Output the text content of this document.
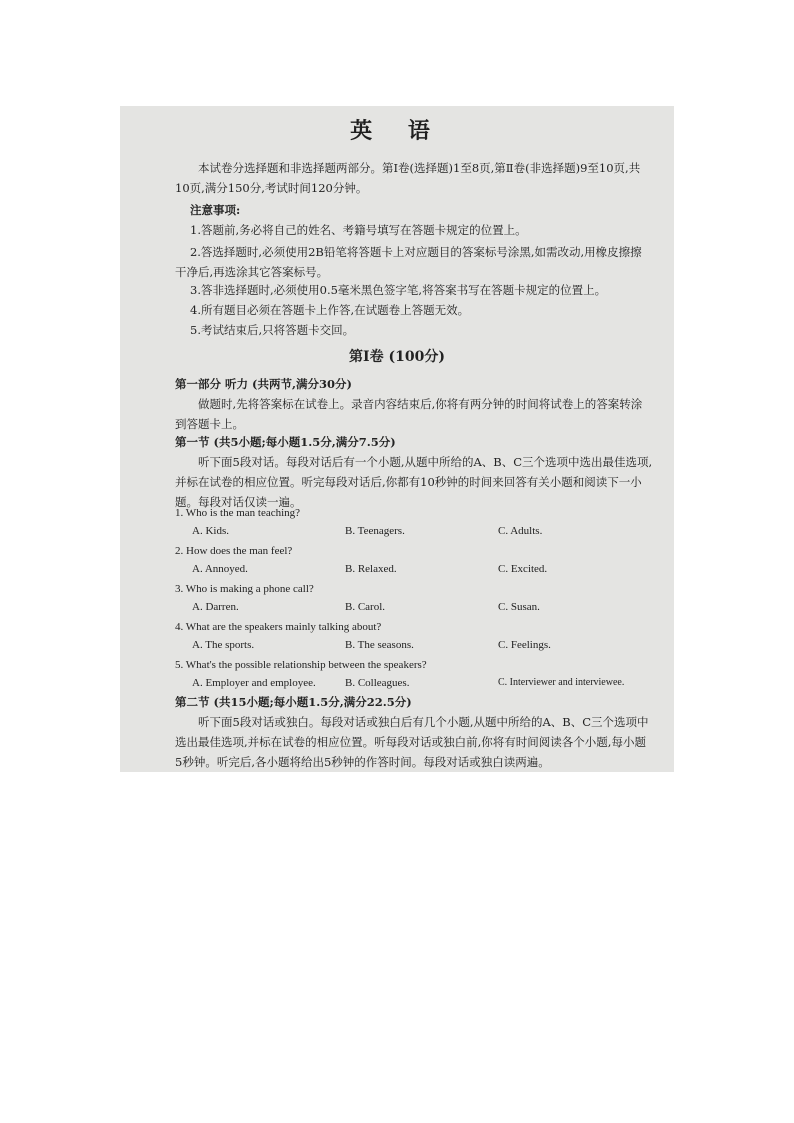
英 语

本试卷分选择题和非选择题两部分。第Ⅰ卷(选择题)1至8页,第Ⅱ卷(非选择题)9至10页,共10页,满分150分,考试时间120分钟。

注意事项:
1.答题前,务必将自己的姓名、考籍号填写在答题卡规定的位置上。
2.答选择题时,必须使用2B铅笔将答题卡上对应题目的答案标号涂黑,如需改动,用橡皮擦擦干净后,再选涂其它答案标号。
3.答非选择题时,必须使用0.5毫米黑色签字笔,将答案书写在答题卡规定的位置上。
4.所有题目必须在答题卡上作答,在试题卷上答题无效。
5.考试结束后,只将答题卡交回。
第Ⅰ卷 (100分)
第一部分 听力 (共两节,满分30分)

做题时,先将答案标在试卷上。录音内容结束后,你将有两分钟的时间将试卷上的答案转涂到答题卡上。

第一节 (共5小题;每小题1.5分,满分7.5分)

听下面5段对话。每段对话后有一个小题,从题中所给的A、B、C三个选项中选出最佳选项,并标在试卷的相应位置。听完每段对话后,你都有10秒钟的时间来回答有关小题和阅读下一小题。每段对话仅读一遍。

1. Who is the man teaching?
A. Kids.	B. Teenagers.	C. Adults.
2. How does the man feel?
A. Annoyed.	B. Relaxed.	C. Excited.
3. Who is making a phone call?
A. Darren.	B. Carol.	C. Susan.
4. What are the speakers mainly talking about?
A. The sports.	B. The seasons.	C. Feelings.
5. What's the possible relationship between the speakers?
A. Employer and employee.	B. Colleagues.	C. Interviewer and interviewee.
第二节 (共15小题;每小题1.5分,满分22.5分)

听下面5段对话或独白。每段对话或独白后有几个小题,从题中所给的A、B、C三个选项中选出最佳选项,并标在试卷的相应位置。听每段对话或独白前,你将有时间阅读各个小题,每小题5秒钟。听完后,各小题将给出5秒钟的作答时间。每段对话或独白读两遍。
